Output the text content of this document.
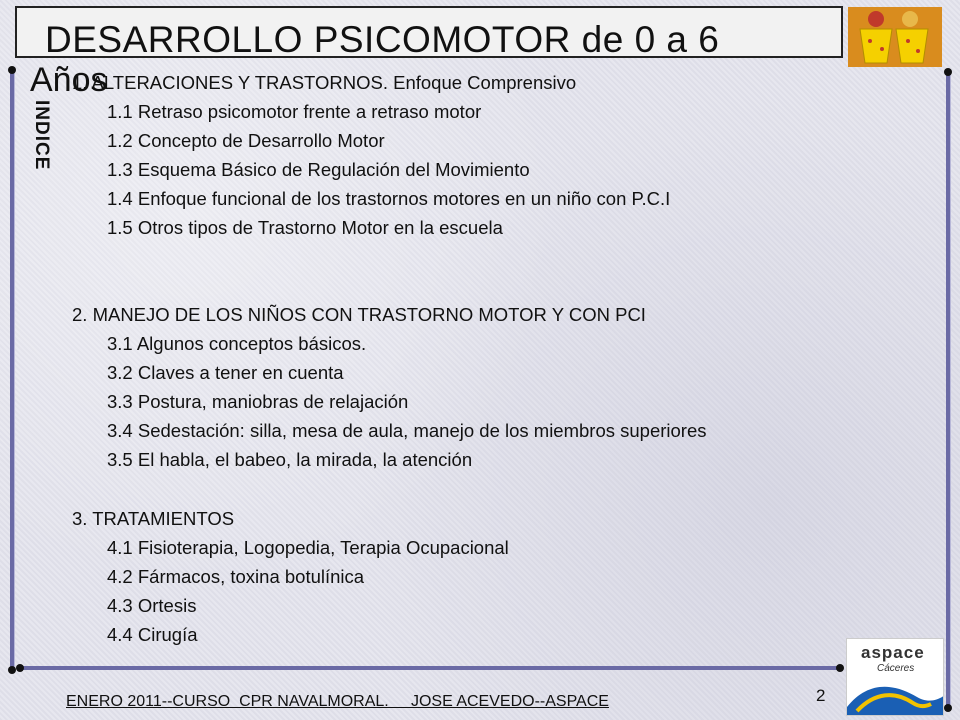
DESARROLLO PSICOMOTOR de 0 a 6
Años
INDICE
1. ALTERACIONES Y TRASTORNOS. Enfoque Comprensivo
1.1 Retraso psicomotor frente a retraso motor
1.2 Concepto de Desarrollo Motor
1.3 Esquema Básico de Regulación del Movimiento
1.4 Enfoque funcional de los trastornos motores en un niño con P.C.I
1.5 Otros tipos de Trastorno Motor en la escuela
2. MANEJO DE LOS NIÑOS CON TRASTORNO MOTOR Y CON PCI
3.1 Algunos conceptos básicos.
3.2 Claves a tener en cuenta
3.3 Postura, maniobras de relajación
3.4 Sedestación: silla, mesa de aula, manejo de los miembros superiores
3.5 El habla, el babeo, la mirada, la atención
3. TRATAMIENTOS
4.1 Fisioterapia, Logopedia, Terapia Ocupacional
4.2 Fármacos, toxina botulínica
4.3 Ortesis
4.4 Cirugía
2
ENERO 2011--CURSO  CPR NAVALMORAL.     JOSE ACEVEDO--ASPACE
aspace
Cáceres
